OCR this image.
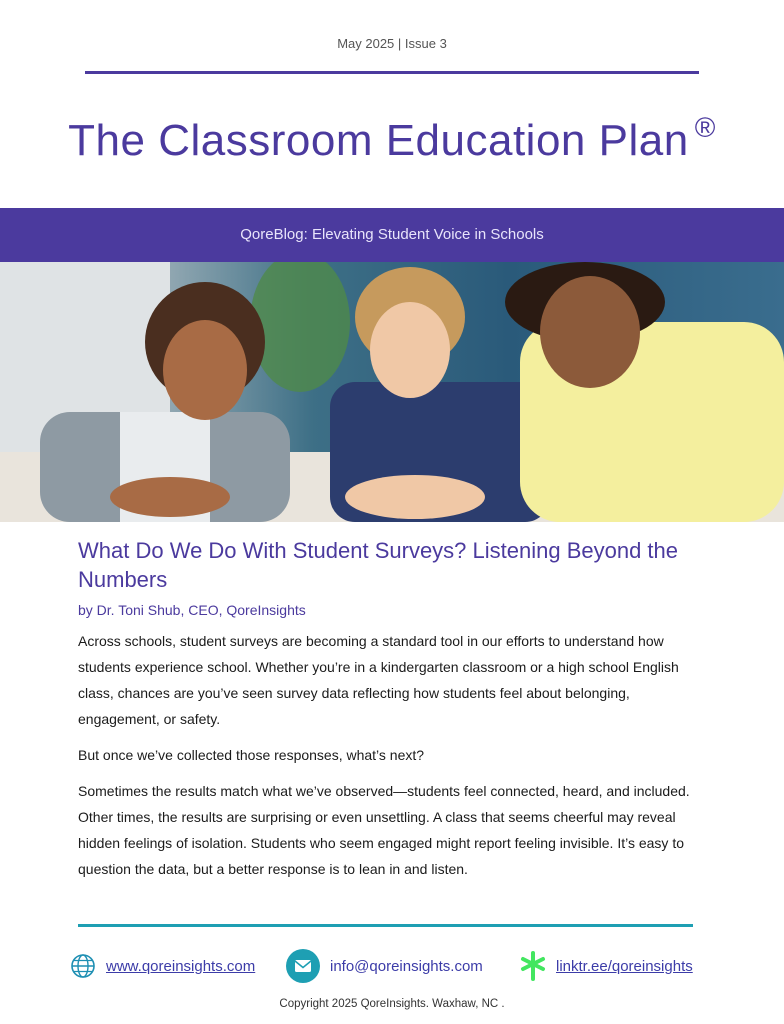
May 2025 | Issue 3
The Classroom Education Plan ®
QoreBlog: Elevating Student Voice in Schools
What Do We Do With Student Surveys? Listening Beyond the Numbers
by Dr. Toni Shub, CEO, QoreInsights

Across schools, student surveys are becoming a standard tool in our efforts to understand how students experience school. Whether you’re in a kindergarten classroom or a high school English class, chances are you’ve seen survey data reflecting how students feel about belonging, engagement, or safety.

But once we’ve collected those responses, what’s next?

Sometimes the results match what we’ve observed—students feel connected, heard, and included. Other times, the results are surprising or even unsettling. A class that seems cheerful may reveal hidden feelings of isolation. Students who seem engaged might report feeling invisible. It’s easy to question the data, but a better response is to lean in and listen.

www.qoreinsights.com	info@qoreinsights.com	linktr.ee/qoreinsights
Copyright 2025 QoreInsights. Waxhaw, NC .
